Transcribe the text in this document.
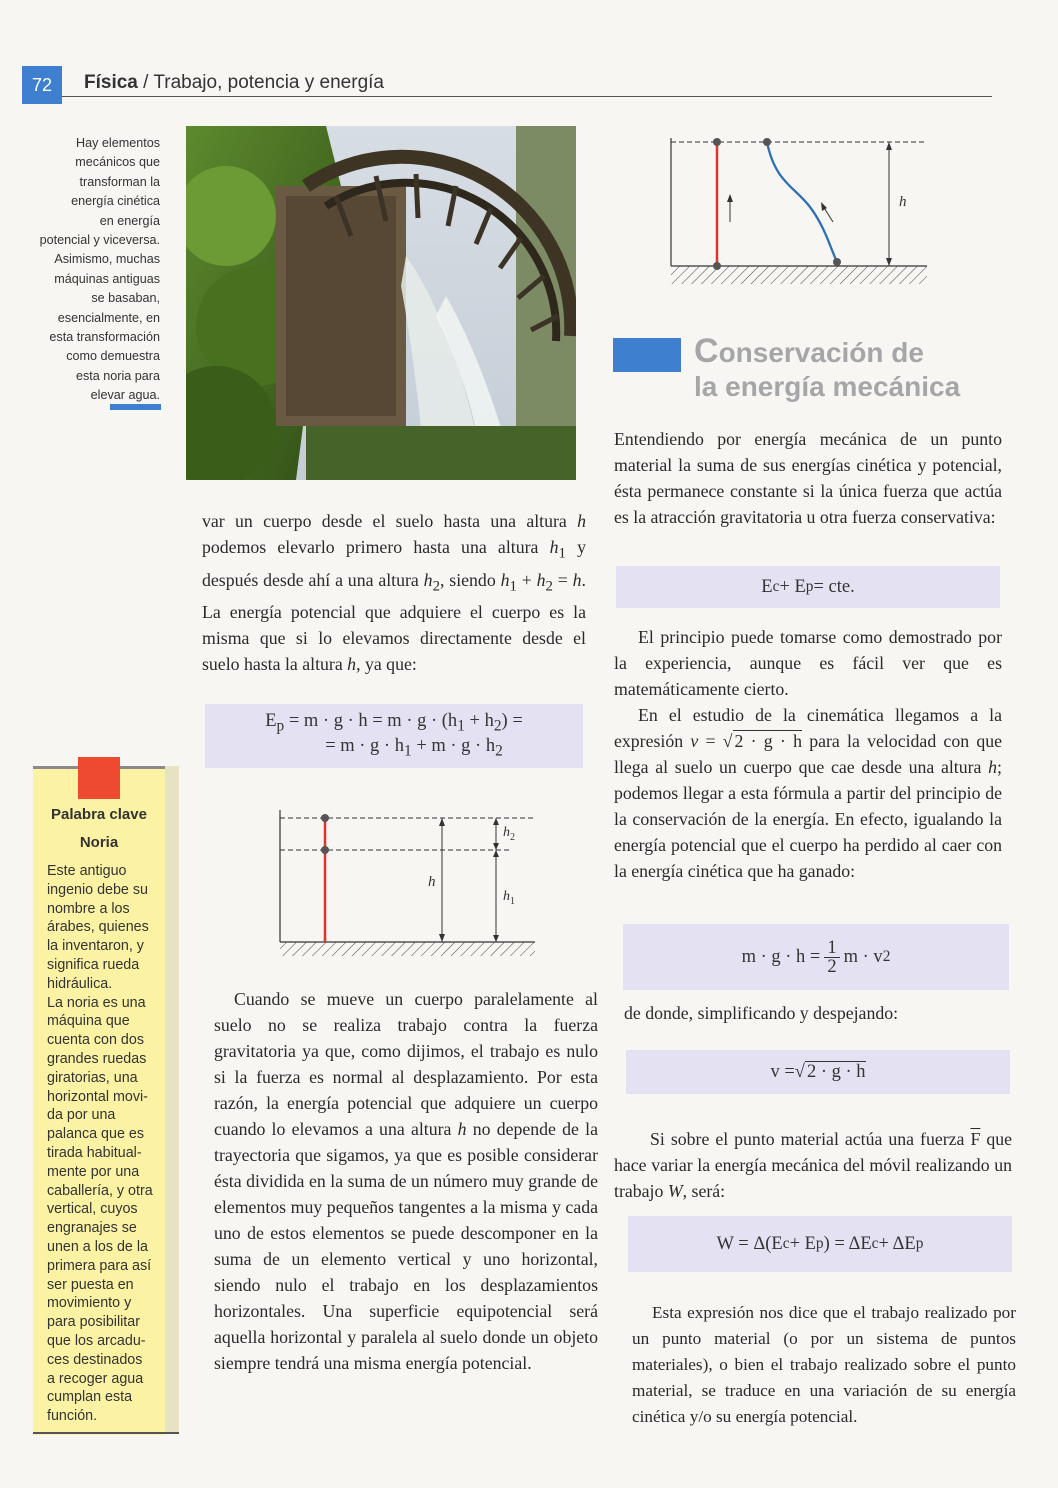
72 Física / Trabajo, potencia y energía
Hay elementos
mecánicos que
transforman la
energía cinética
en energía
potencial y viceversa.
Asimismo, muchas
máquinas antiguas
se basaban,
esencialmente, en
esta transformación
como demuestra
esta noria para
elevar agua.

var un cuerpo desde el suelo hasta una altura h podemos elevarlo primero hasta una altura $h_1$ y después desde ahí a una altura $h_2$, siendo $h_1 + h_2 = h$. La energía potencial que adquiere el cuerpo es la misma que si lo elevamos directamente desde el suelo hasta la altura h, ya que:

$E_p = m \cdot g \cdot h = m \cdot g \cdot (h_1 + h_2)$ =
= $m \cdot g \cdot h_1 + m \cdot g \cdot h_2$
h
$h_2$
$h_1$

Cuando se mueve un cuerpo paralelamente al suelo no se realiza trabajo contra la fuerza gravitatoria ya que, como dijimos, el trabajo es nulo si la fuerza es normal al desplazamiento. Por esta razón, la energía potencial que adquiere un cuerpo cuando lo elevamos a una altura h no depende de la trayectoria que sigamos, ya que es posible considerar ésta dividida en la suma de un número muy grande de elementos muy pequeños tangentes a la misma y cada uno de estos elementos se puede descomponer en la suma de un elemento vertical y uno horizontal, siendo nulo el trabajo en los desplazamientos horizontales. Una superficie equipotencial será aquella horizontal y paralela al suelo donde un objeto siempre tendrá una misma energía potencial.

h
Conservación de
la energía mecánica

Entendiendo por energía mecánica de un punto material la suma de sus energías cinética y potencial, ésta permanece constante si la única fuerza que actúa es la atracción gravitatoria u otra fuerza conservativa:

E c + E p = cte.

El principio puede tomarse como demostrado por la experiencia, aunque es fácil ver que es matemáticamente cierto.

En el estudio de la cinemática llegamos a la expresión v = √ 2 · g · h para la velocidad con que llega al suelo un cuerpo que cae desde una altura h; podemos llegar a esta fórmula a partir del principio de la conservación de la energía. En efecto, igualando la energía potencial que el cuerpo ha perdido al caer con la energía cinética que ha ganado:

$m \cdot g \cdot h = \frac{1}{2}$ m · v 2

de donde, simplificando y despejando:

v = √ 2 · g · h

Si sobre el punto material actúa una fuerza $\overline{F}$ que hace variar la energía mecánica del móvil realizando un trabajo W, será:

W = Δ(E c + E p ) = ΔE c + ΔE p

Esta expresión nos dice que el trabajo realizado por un punto material (o por un sistema de puntos materiales), o bien el trabajo realizado sobre el punto material, se traduce en una variación de su energía cinética y/o su energía potencial.

Palabra clave
Noria
Este antiguo
ingenio debe su
nombre a los
árabes, quienes
la inventaron, y
significa rueda
hidráulica.
La noria es una
máquina que
cuenta con dos
grandes ruedas
giratorias, una
horizontal movi-
da por una
palanca que es
tirada habitual-
mente por una
caballería, y otra
vertical, cuyos
engranajes se
unen a los de la
primera para así
ser puesta en
movimiento y
para posibilitar
que los arcadu-
ces destinados
a recoger agua
cumplan esta
función.
